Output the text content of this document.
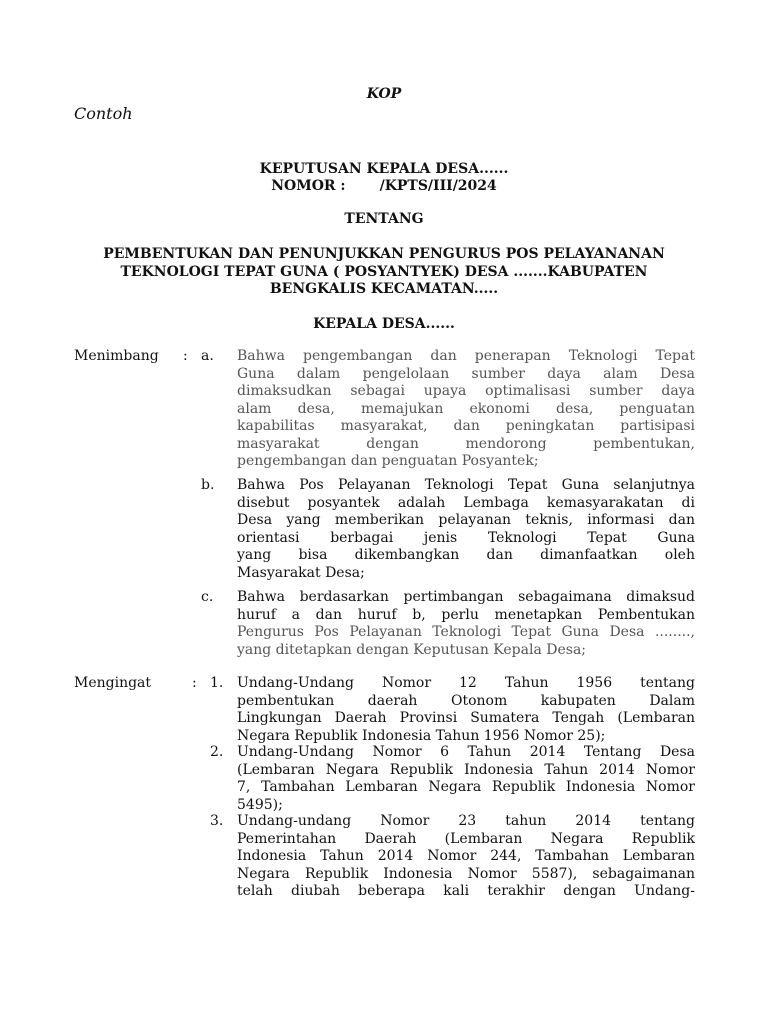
KOP
Contoh
KEPUTUSAN KEPALA DESA......
NOMOR : /KPTS/III/2024
TENTANG
PEMBENTUKAN DAN PENUNJUKKAN PENGURUS POS PELAYANANAN
TEKNOLOGI TEPAT GUNA ( POSYANTYEK) DESA .......KABUPATEN
BENGKALIS KECAMATAN.....
KEPALA DESA......
Menimbang : a. Bahwa pengembangan dan penerapan Teknologi Tepat
Guna dalam pengelolaan sumber daya alam Desa
dimaksudkan sebagai upaya optimalisasi sumber daya
alam desa, memajukan ekonomi desa, penguatan
kapabilitas masyarakat, dan peningkatan partisipasi
masyarakat dengan mendorong pembentukan,
pengembangan dan penguatan Posyantek;
b. Bahwa Pos Pelayanan Teknologi Tepat Guna selanjutnya
disebut posyantek adalah Lembaga kemasyarakatan di
Desa yang memberikan pelayanan teknis, informasi dan
orientasi berbagai jenis Teknologi Tepat Guna
yang bisa dikembangkan dan dimanfaatkan oleh
Masyarakat Desa;
c. Bahwa berdasarkan pertimbangan sebagaimana dimaksud
huruf a dan huruf b, perlu menetapkan Pembentukan
Pengurus Pos Pelayanan Teknologi Tepat Guna Desa ........,
yang ditetapkan dengan Keputusan Kepala Desa;
Mengingat	: 1. Undang-Undang Nomor 12 Tahun 1956 tentang
pembentukan daerah Otonom kabupaten Dalam
Lingkungan Daerah Provinsi Sumatera Tengah (Lembaran
Negara Republik Indonesia Tahun 1956 Nomor 25);
2. Undang-Undang Nomor 6 Tahun 2014 Tentang Desa
(Lembaran Negara Republik Indonesia Tahun 2014 Nomor
7, Tambahan Lembaran Negara Republik Indonesia Nomor
5495);
3. Undang-undang Nomor 23 tahun 2014 tentang
Pemerintahan Daerah (Lembaran Negara Republik
Indonesia Tahun 2014 Nomor 244, Tambahan Lembaran
Negara Republik Indonesia Nomor 5587), sebagaimanan
telah diubah beberapa kali terakhir dengan Undang-
